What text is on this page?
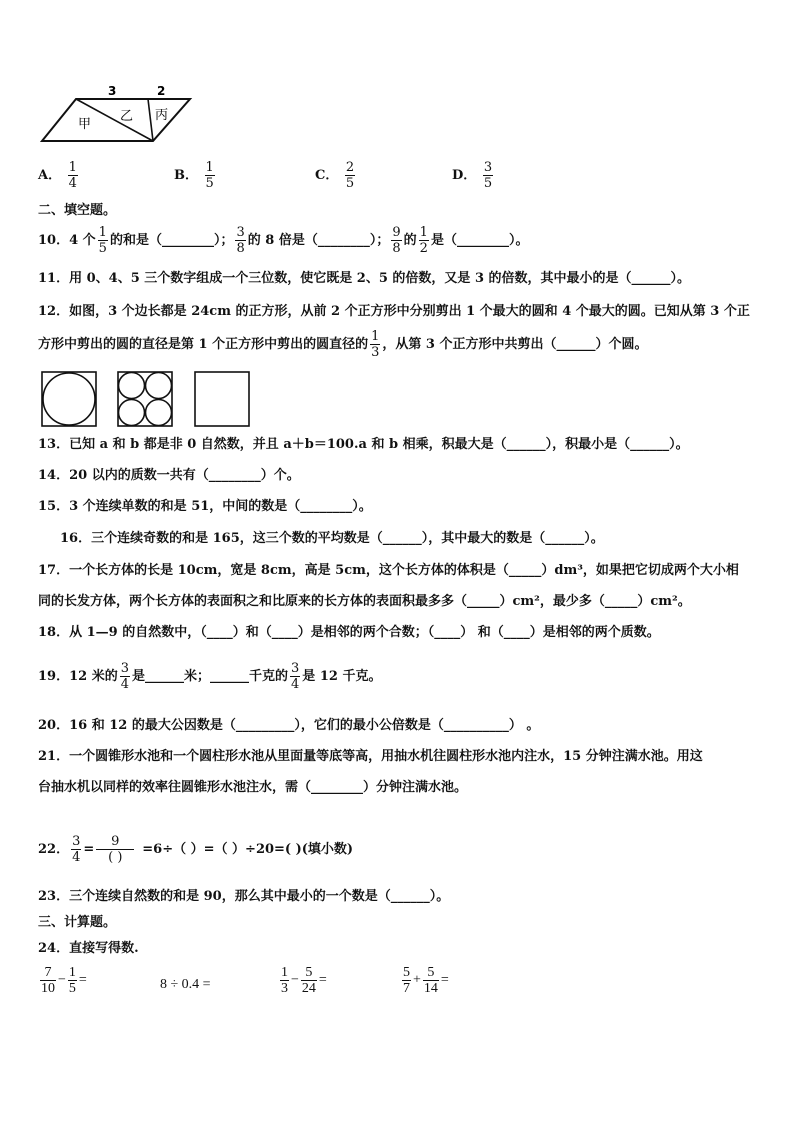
3	2
甲
乙 丙
A． $\frac{1}{4}$	B． $\frac{1}{5}$	C． $\frac{2}{5}$	D． $\frac{3}{5}$
二、填空题。
10．4 个 $\frac{1}{5}$ 的和是（________）； $\frac{3}{8}$ 的 8 倍是（________）； $\frac{9}{8}$ 的 $\frac{1}{2}$ 是（________）。
11．用 0、4、5 三个数字组成一个三位数，使它既是 2、5 的倍数，又是 3 的倍数，其中最小的是（______）。
12．如图，3 个边长都是 24cm 的正方形，从前 2 个正方形中分别剪出 1 个最大的圆和 4 个最大的圆。已知从第 3 个正
方形中剪出的圆的直径是第 1 个正方形中剪出的圆直径的 $\frac{1}{3}$ ，从第 3 个正方形中共剪出（______）个圆。
13．已知 a 和 b 都是非 0 自然数，并且 a＋b＝100.a 和 b 相乘，积最大是（______），积最小是（______）。
14．20 以内的质数一共有（________）个。
15．3 个连续单数的和是 51，中间的数是（________）。
16．三个连续奇数的和是 165，这三个数的平均数是（______），其中最大的数是（______）。
17．一个长方体的长是 10cm，宽是 8cm，高是 5cm，这个长方体的体积是（_____）dm³，如果把它切成两个大小相
同的长发方体，两个长方体的表面积之和比原来的长方体的表面积最多多（_____）cm²，最少多（_____）cm²。
18．从 1—9 的自然数中，（____）和（____）是相邻的两个合数；（____） 和（____）是相邻的两个质数。
19．12 米的 $\frac{3}{4}$ 是______米；______千克的 $\frac{3}{4}$ 是 12 千克。
20．16 和 12 的最大公因数是（_________），它们的最小公倍数是（__________） 。
21．一个圆锥形水池和一个圆柱形水池从里面量等底等高，用抽水机往圆柱形水池内注水，15 分钟注满水池。用这
台抽水机以同样的效率往圆锥形水池注水，需（________）分钟注满水池。
22． $\frac{3}{4} = \frac{9}{( )} =6\div$（ ）=（ ）÷20=( )(填小数)
23．三个连续自然数的和是 90，那么其中最小的一个数是（______）。
三、计算题。
24．直接写得数.
$\frac{7}{10} - \frac{1}{5}$ =	8 ÷ 0.4 =	$\frac{1}{3} - \frac{5}{24}$ =	$\frac{5}{7} + \frac{5}{14}$ =
